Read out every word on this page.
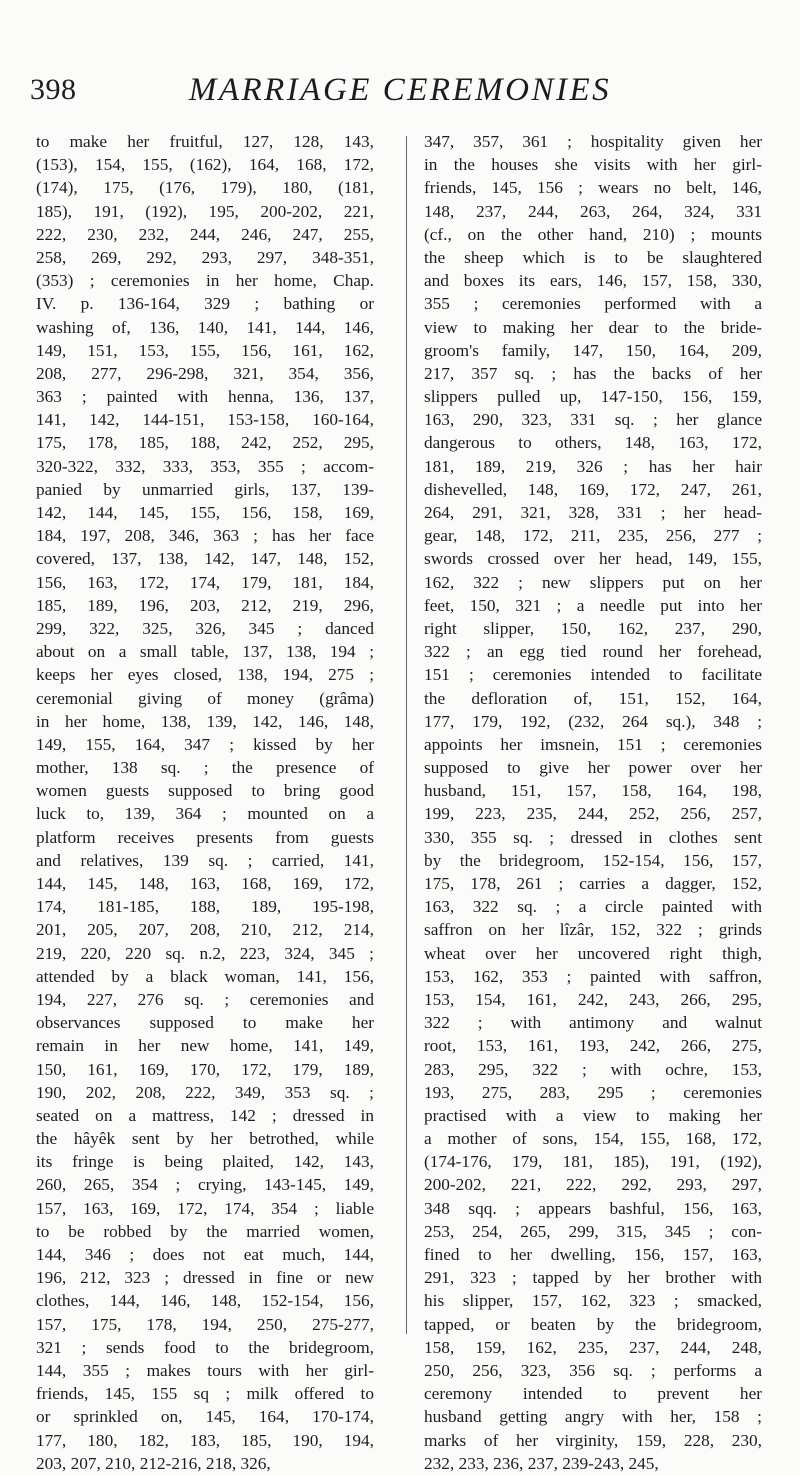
398	MARRIAGE CEREMONIES
to make her fruitful, 127, 128, 143,
(153), 154, 155, (162), 164, 168, 172,
(174), 175, (176, 179), 180, (181,
185), 191, (192), 195, 200-202, 221,
222, 230, 232, 244, 246, 247, 255,
258, 269, 292, 293, 297, 348-351,
(353) ; ceremonies in her home, Chap.
IV. p. 136-164, 329 ; bathing or
washing of, 136, 140, 141, 144, 146,
149, 151, 153, 155, 156, 161, 162,
208, 277, 296-298, 321, 354, 356,
363 ; painted with henna, 136, 137,
141, 142, 144-151, 153-158, 160-164,
175, 178, 185, 188, 242, 252, 295,
320-322, 332, 333, 353, 355 ; accom-
panied by unmarried girls, 137, 139-
142, 144, 145, 155, 156, 158, 169,
184, 197, 208, 346, 363 ; has her face
covered, 137, 138, 142, 147, 148, 152,
156, 163, 172, 174, 179, 181, 184,
185, 189, 196, 203, 212, 219, 296,
299, 322, 325, 326, 345 ; danced
about on a small table, 137, 138, 194 ;
keeps her eyes closed, 138, 194, 275 ;
ceremonial giving of money (grâma)
in her home, 138, 139, 142, 146, 148,
149, 155, 164, 347 ; kissed by her
mother, 138 sq. ; the presence of
women guests supposed to bring good
luck to, 139, 364 ; mounted on a
platform receives presents from guests
and relatives, 139 sq. ; carried, 141,
144, 145, 148, 163, 168, 169, 172,
174, 181-185, 188, 189, 195-198,
201, 205, 207, 208, 210, 212, 214,
219, 220, 220 sq. n.2, 223, 324, 345 ;
attended by a black woman, 141, 156,
194, 227, 276 sq. ; ceremonies and
observances supposed to make her
remain in her new home, 141, 149,
150, 161, 169, 170, 172, 179, 189,
190, 202, 208, 222, 349, 353 sq. ;
seated on a mattress, 142 ; dressed in
the hâyêk sent by her betrothed, while
its fringe is being plaited, 142, 143,
260, 265, 354 ; crying, 143-145, 149,
157, 163, 169, 172, 174, 354 ; liable
to be robbed by the married women,
144, 346 ; does not eat much, 144,
196, 212, 323 ; dressed in fine or new
clothes, 144, 146, 148, 152-154, 156,
157, 175, 178, 194, 250, 275-277,
321 ; sends food to the bridegroom,
144, 355 ; makes tours with her girl-
friends, 145, 155 sq ; milk offered to
or sprinkled on, 145, 164, 170-174,
177, 180, 182, 183, 185, 190, 194,
203, 207, 210, 212-216, 218, 326,
347, 357, 361 ; hospitality given her
in the houses she visits with her girl-
friends, 145, 156 ; wears no belt, 146,
148, 237, 244, 263, 264, 324, 331
(cf., on the other hand, 210) ; mounts
the sheep which is to be slaughtered
and boxes its ears, 146, 157, 158, 330,
355 ; ceremonies performed with a
view to making her dear to the bride-
groom's family, 147, 150, 164, 209,
217, 357 sq. ; has the backs of her
slippers pulled up, 147-150, 156, 159,
163, 290, 323, 331 sq. ; her glance
dangerous to others, 148, 163, 172,
181, 189, 219, 326 ; has her hair
dishevelled, 148, 169, 172, 247, 261,
264, 291, 321, 328, 331 ; her head-
gear, 148, 172, 211, 235, 256, 277 ;
swords crossed over her head, 149, 155,
162, 322 ; new slippers put on her
feet, 150, 321 ; a needle put into her
right slipper, 150, 162, 237, 290,
322 ; an egg tied round her forehead,
151 ; ceremonies intended to facilitate
the defloration of, 151, 152, 164,
177, 179, 192, (232, 264 sq.), 348 ;
appoints her imsnein, 151 ; ceremonies
supposed to give her power over her
husband, 151, 157, 158, 164, 198,
199, 223, 235, 244, 252, 256, 257,
330, 355 sq. ; dressed in clothes sent
by the bridegroom, 152-154, 156, 157,
175, 178, 261 ; carries a dagger, 152,
163, 322 sq. ; a circle painted with
saffron on her lîzâr, 152, 322 ; grinds
wheat over her uncovered right thigh,
153, 162, 353 ; painted with saffron,
153, 154, 161, 242, 243, 266, 295,
322 ; with antimony and walnut
root, 153, 161, 193, 242, 266, 275,
283, 295, 322 ; with ochre, 153,
193, 275, 283, 295 ; ceremonies
practised with a view to making her
a mother of sons, 154, 155, 168, 172,
(174-176, 179, 181, 185), 191, (192),
200-202, 221, 222, 292, 293, 297,
348 sqq. ; appears bashful, 156, 163,
253, 254, 265, 299, 315, 345 ; con-
fined to her dwelling, 156, 157, 163,
291, 323 ; tapped by her brother with
his slipper, 157, 162, 323 ; smacked,
tapped, or beaten by the bridegroom,
158, 159, 162, 235, 237, 244, 248,
250, 256, 323, 356 sq. ; performs a
ceremony intended to prevent her
husband getting angry with her, 158 ;
marks of her virginity, 159, 228, 230,
232, 233, 236, 237, 239-243, 245,
